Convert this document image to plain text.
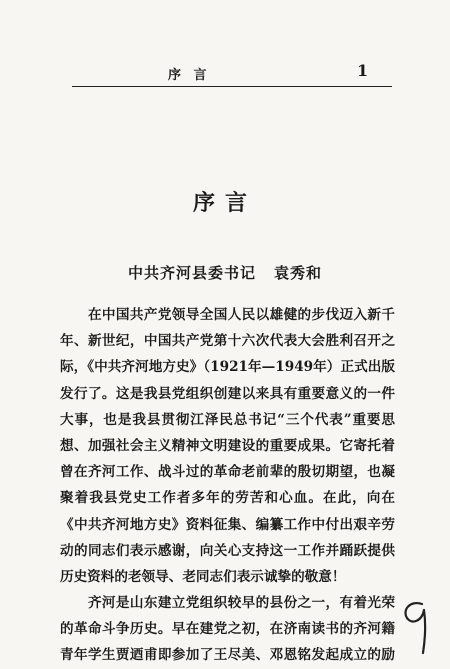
序 言	1
序言
中共齐河县委书记 袁秀和
　　在中国共产党领导全国人民以雄健的步伐迈入新千
年、新世纪，中国共产党第十六次代表大会胜利召开之
际，《中共齐河地方史》（1921年—1949年）正式出版
发行了。这是我县党组织创建以来具有重要意义的一件
大事，也是我县贯彻江泽民总书记“三个代表”重要思
想、加强社会主义精神文明建设的重要成果。它寄托着
曾在齐河工作、战斗过的革命老前辈的殷切期望，也凝
聚着我县党史工作者多年的劳苦和心血。在此，向在
《中共齐河地方史》资料征集、编纂工作中付出艰辛劳
动的同志们表示感谢，向关心支持这一工作并踊跃提供
历史资料的老领导、老同志们表示诚挚的敬意！
　　齐河是山东建立党组织较早的县份之一，有着光荣
的革命斗争历史。早在建党之初，在济南读书的齐河籍
青年学生贾迺甫即参加了王尽美、邓恩铭发起成立的励
